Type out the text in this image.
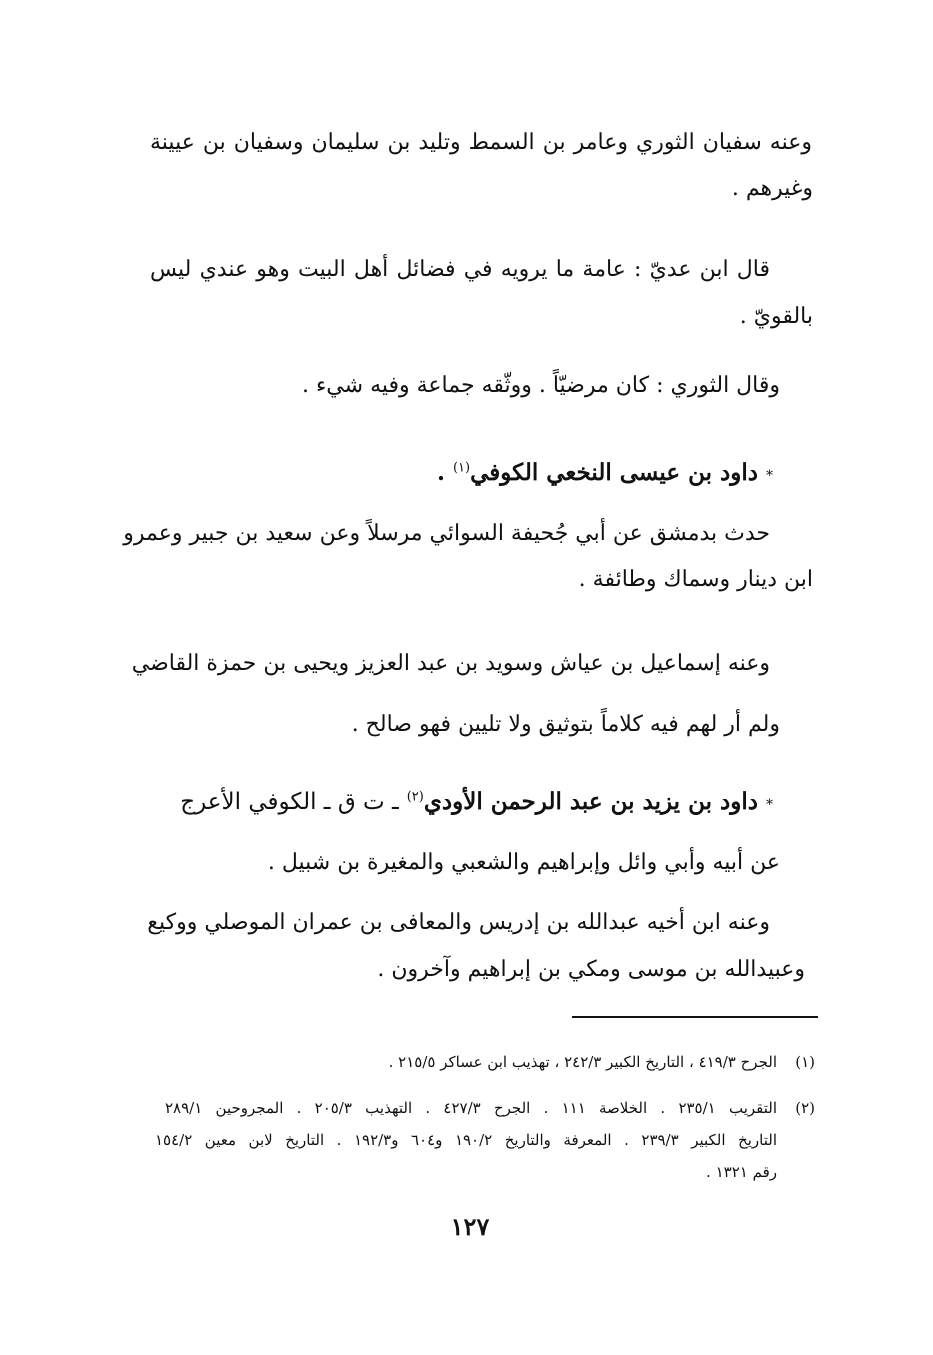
وعنه سفيان الثوري وعامر بن السمط وتليد بن سليمان وسفيان بن عيينة
وغيرهم .
قال ابن عديّ : عامة ما يرويه في فضائل أهل البيت وهو عندي ليس
بالقويّ .
وقال الثوري : كان مرضيّاً . ووثّقه جماعة وفيه شيء .
* داود بن عيسى النخعي الكوفي$^{(١)}$ .
حدث بدمشق عن أبي جُحيفة السوائي مرسلاً وعن سعيد بن جبير وعمرو
ابن دينار وسماك وطائفة .
وعنه إسماعيل بن عياش وسويد بن عبد العزيز ويحيى بن حمزة القاضي
ولم أر لهم فيه كلاماً بتوثيق ولا تليين فهو صالح .
* داود بن يزيد بن عبد الرحمن الأودي$^{(٢)}$ ـ ت ق ـ الكوفي الأعرج
عن أبيه وأبي وائل وإبراهيم والشعبي والمغيرة بن شبيل .
وعنه ابن أخيه عبدالله بن إدريس والمعافى بن عمران الموصلي ووكيع
وعبيدالله بن موسى ومكي بن إبراهيم وآخرون .
(١)
الجرح ٤١٩/٣ ، التاريخ الكبير ٢٤٢/٣ ، تهذيب ابن عساكر ٢١٥/٥ .
(٢)
التقريب ٢٣٥/١ . الخلاصة ١١١ . الجرح ٤٢٧/٣ . التهذيب ٢٠٥/٣ . المجروحين ٢٨٩/١
التاريخ الكبير ٢٣٩/٣ . المعرفة والتاريخ ١٩٠/٢ و٦٠٤ و١٩٢/٣ . التاريخ لابن معين ١٥٤/٢
رقم ١٣٢١ .
١٢٧
